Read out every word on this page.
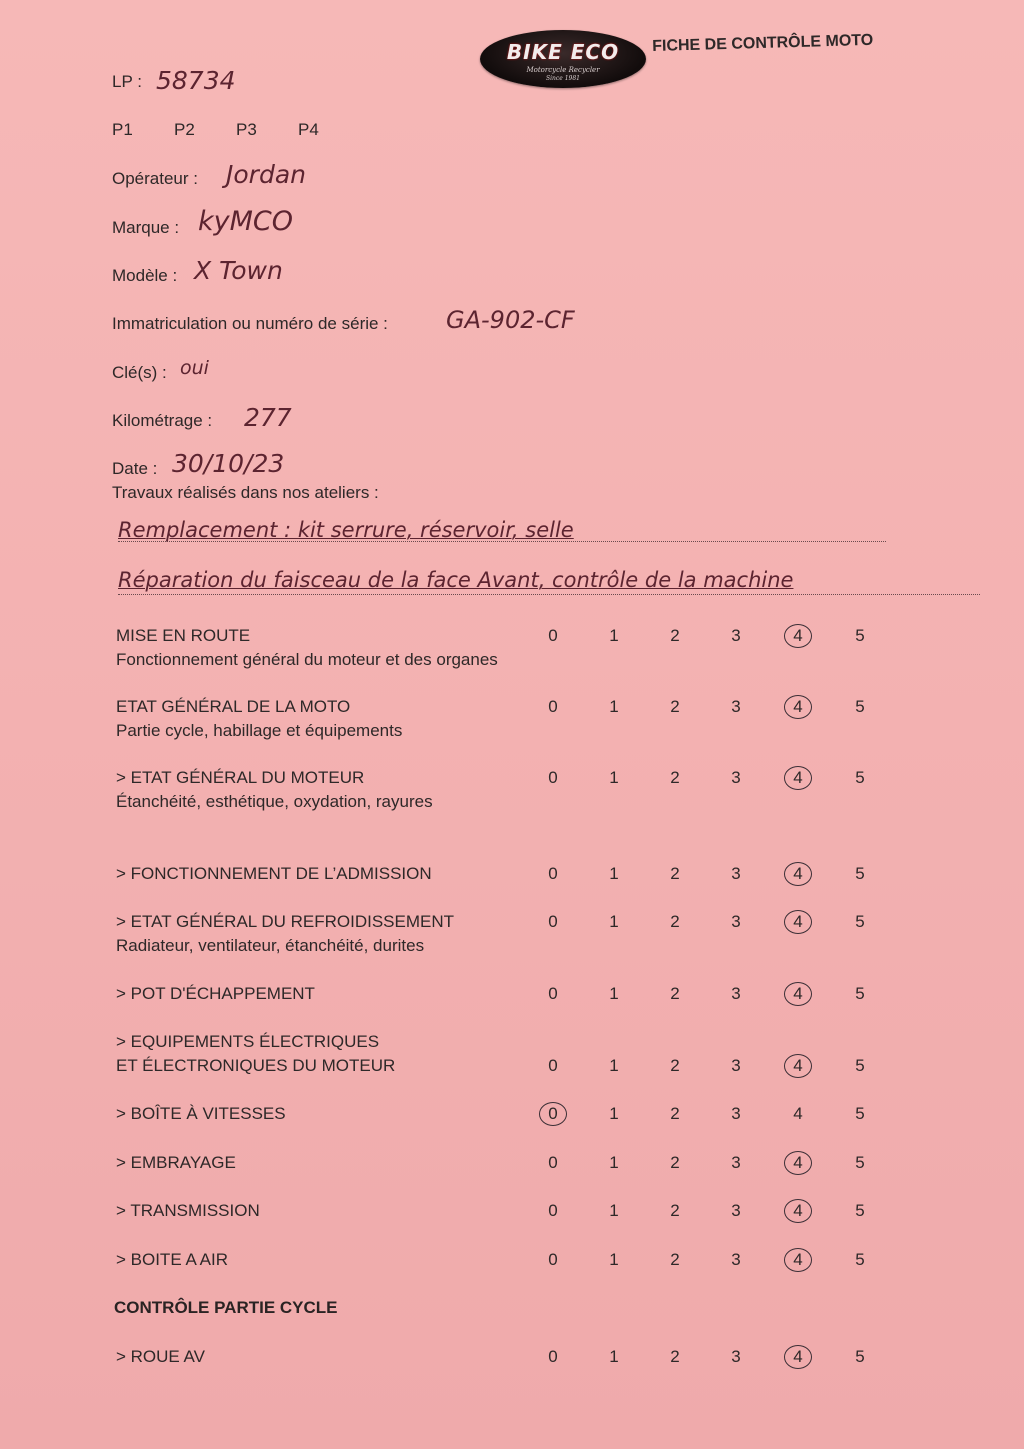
BIKE ECO
Motorcycle Recycler
Since 1981
FICHE DE CONTRÔLE MOTO
LP : 58734
P1 P2 P3 P4
Opérateur : Jordan
Marque : kyMCO
Modèle : X Town
Immatriculation ou numéro de série : GA-902-CF
Clé(s) : oui
Kilométrage : 277
Date : 30/10/23
Travaux réalisés dans nos ateliers :
Remplacement : kit serrure, réservoir, selle
Réparation du faisceau de la face Avant, contrôle de la machine
MISE EN ROUTE
Fonctionnement général du moteur et des organes
0	1	2	3	4	5
ETAT GÉNÉRAL DE LA MOTO
Partie cycle, habillage et équipements
0	1	2	3	4	5
> ETAT GÉNÉRAL DU MOTEUR
Étanchéité, esthétique, oxydation, rayures
0	1	2	3	4	5
> FONCTIONNEMENT DE L’ADMISSION	0	1	2	3	4	5
> ETAT GÉNÉRAL DU REFROIDISSEMENT
Radiateur, ventilateur, étanchéité, durites
0	1	2	3	4	5
> POT D'ÉCHAPPEMENT	0	1	2	3	4	5
> EQUIPEMENTS ÉLECTRIQUES
ET ÉLECTRONIQUES DU MOTEUR	0	1	2	3	4	5
> BOÎTE À VITESSES	0	1	2	3	4	5
> EMBRAYAGE	0	1	2	3	4	5
> TRANSMISSION	0	1	2	3	4	5
> BOITE A AIR	0	1	2	3	4	5
CONTRÔLE PARTIE CYCLE
> ROUE AV	0	1	2	3	4	5
